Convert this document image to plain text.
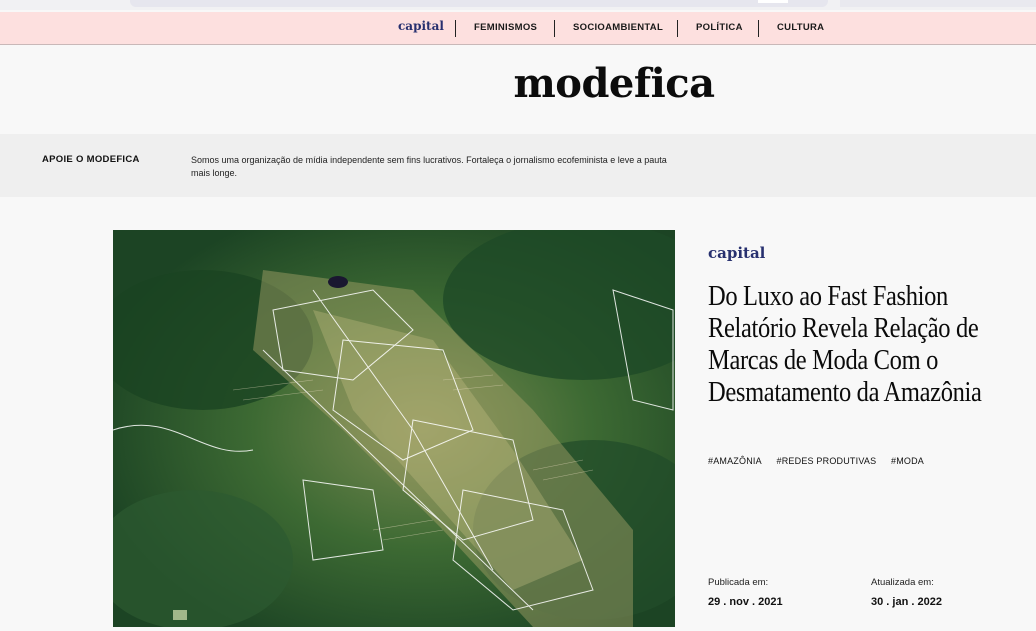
capital	FEMINISMOS	SOCIOAMBIENTAL	POLÍTICA	CULTURA
modefica
APOIE O MODEFICA	Somos uma organização de mídia independente sem fins lucrativos. Fortaleça o jornalismo ecofeminista e leve a pauta mais longe.

capital
Do Luxo ao Fast Fashion Relatório Revela Relação de Marcas de Moda Com o Desmatamento da Amazônia
#AMAZÔNIA #REDES PRODUTIVAS #MODA
Publicada em:
29 . nov . 2021
Atualizada em:
30 . jan . 2022
